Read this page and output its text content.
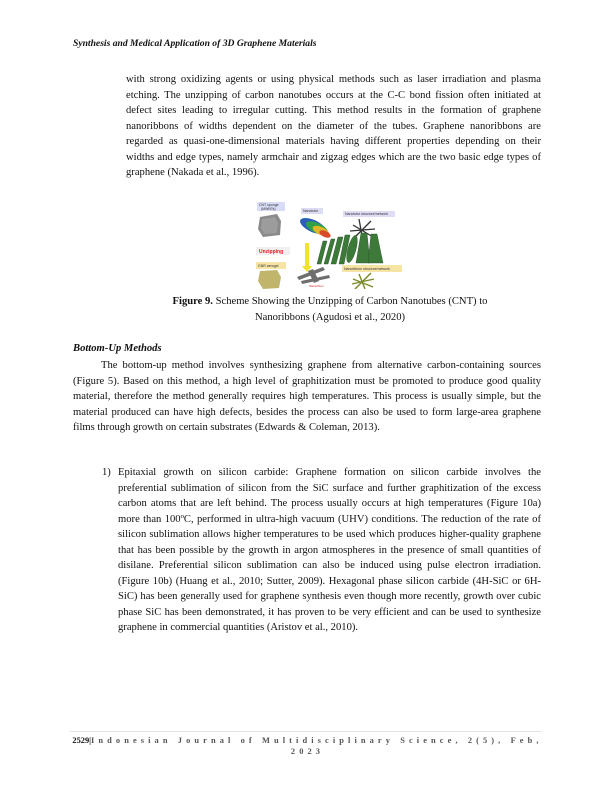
Synthesis and Medical Application of 3D Graphene Materials
with strong oxidizing agents or using physical methods such as laser irradiation and plasma etching. The unzipping of carbon nanotubes occurs at the C-C bond fission often initiated at defect sites leading to irregular cutting. This method results in the formation of graphene nanoribbons of widths dependent on the diameter of the tubes. Graphene nanoribbons are regarded as quasi-one-dimensional materials having different properties depending on their widths and edge types, namely armchair and zigzag edges which are the two basic edge types of graphene (Nakada et al., 1996).
CNT sponge
(MWNTs)	Nanotube
Nanotube structure/network
Unzipping
GNR aerogel
Nanoribbon
Nanoribbon structure/network
Figure 9. Scheme Showing the Unzipping of Carbon Nanotubes (CNT) to
Nanoribbons (Agudosi et al., 2020)
Bottom-Up Methods
The bottom-up method involves synthesizing graphene from alternative carbon-containing sources (Figure 5). Based on this method, a high level of graphitization must be promoted to produce good quality material, therefore the method generally requires high temperatures. This process is usually simple, but the material produced can have high defects, besides the process can also be used to form large-area graphene films through growth on certain substrates (Edwards & Coleman, 2013).
1) Epitaxial growth on silicon carbide: Graphene formation on silicon carbide involves the preferential sublimation of silicon from the SiC surface and further graphitization of the excess carbon atoms that are left behind. The process usually occurs at high temperatures (Figure 10a) more than 100ºC, performed in ultra-high vacuum (UHV) conditions. The reduction of the rate of silicon sublimation allows higher temperatures to be used which produces higher-quality graphene that has been possible by the growth in argon atmospheres in the presence of small quantities of disilane. Preferential silicon sublimation can also be induced using pulse electron irradiation. (Figure 10b) (Huang et al., 2010; Sutter, 2009). Hexagonal phase silicon carbide (4H-SiC or 6H-SiC) has been generally used for graphene synthesis even though more recently, growth over cubic phase SiC has been demonstrated, it has proven to be very efficient and can be used to synthesize graphene in commercial quantities (Aristov et al., 2010).
2529|Indonesian Journal of Multidisciplinary Science, 2(5), Feb, 2023
